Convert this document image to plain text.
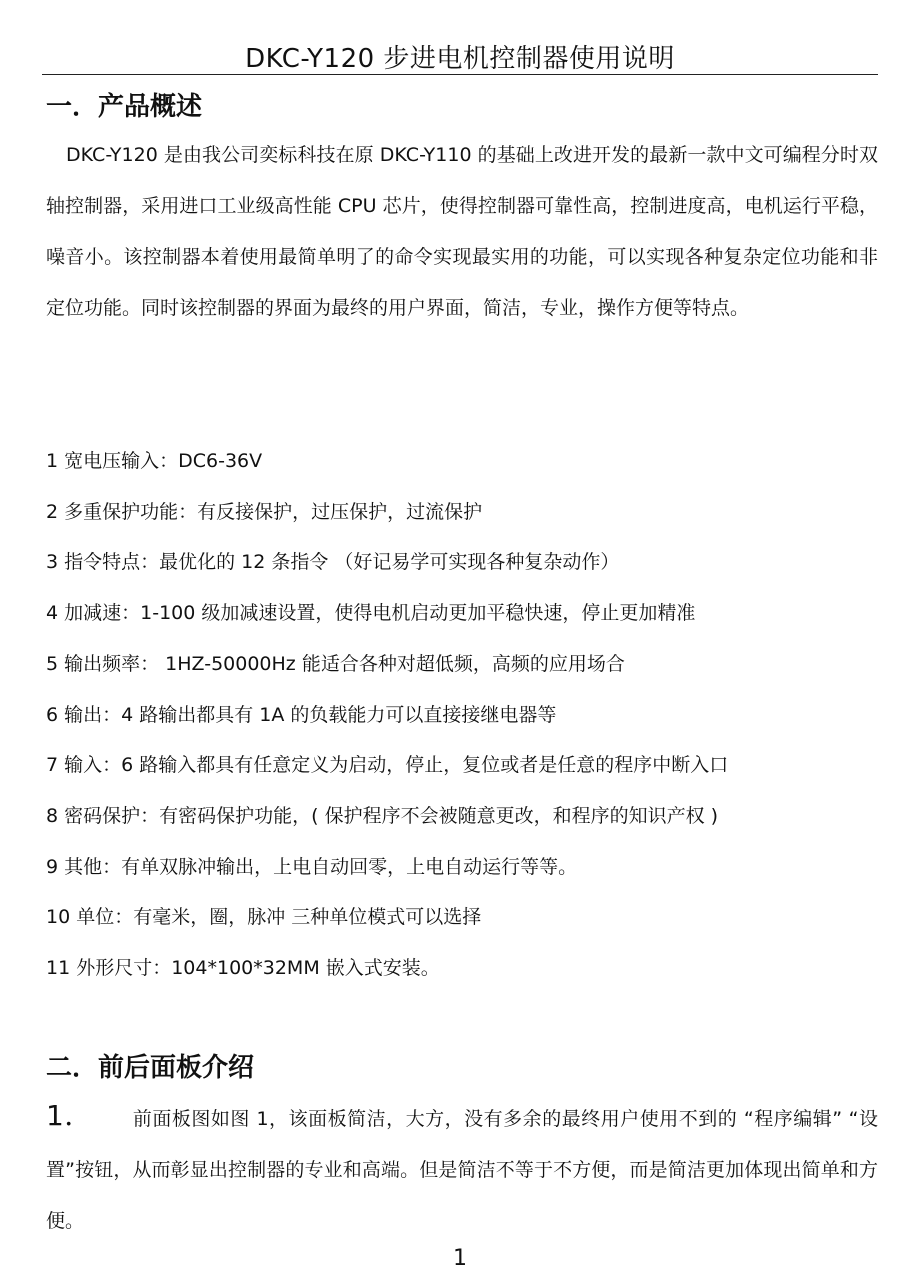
DKC-Y120 步进电机控制器使用说明
一．产品概述
DKC-Y120 是由我公司奕标科技在原 DKC-Y110 的基础上改进开发的最新一款中文可编程分时双轴控制器，采用进口工业级高性能 CPU 芯片，使得控制器可靠性高，控制进度高，电机运行平稳，噪音小。该控制器本着使用最简单明了的命令实现最实用的功能，可以实现各种复杂定位功能和非定位功能。同时该控制器的界面为最终的用户界面，简洁，专业，操作方便等特点。
1 宽电压输入：DC6-36V
2 多重保护功能：有反接保护，过压保护，过流保护
3 指令特点：最优化的 12 条指令 （好记易学可实现各种复杂动作）
4 加减速：1-100 级加减速设置，使得电机启动更加平稳快速，停止更加精准
5 输出频率： 1HZ-50000Hz 能适合各种对超低频，高频的应用场合
6 输出：4 路输出都具有 1A 的负载能力可以直接接继电器等
7 输入：6 路输入都具有任意定义为启动，停止，复位或者是任意的程序中断入口
8 密码保护：有密码保护功能，( 保护程序不会被随意更改，和程序的知识产权 )
9 其他：有单双脉冲输出，上电自动回零，上电自动运行等等。
10 单位：有毫米，圈，脉冲 三种单位模式可以选择
11 外形尺寸：104*100*32MM 嵌入式安装。
二．前后面板介绍
1． 前面板图如图 1，该面板简洁，大方，没有多余的最终用户使用不到的 “程序编辑” “设置”按钮，从而彰显出控制器的专业和高端。但是简洁不等于不方便，而是简洁更加体现出简单和方便。
1
